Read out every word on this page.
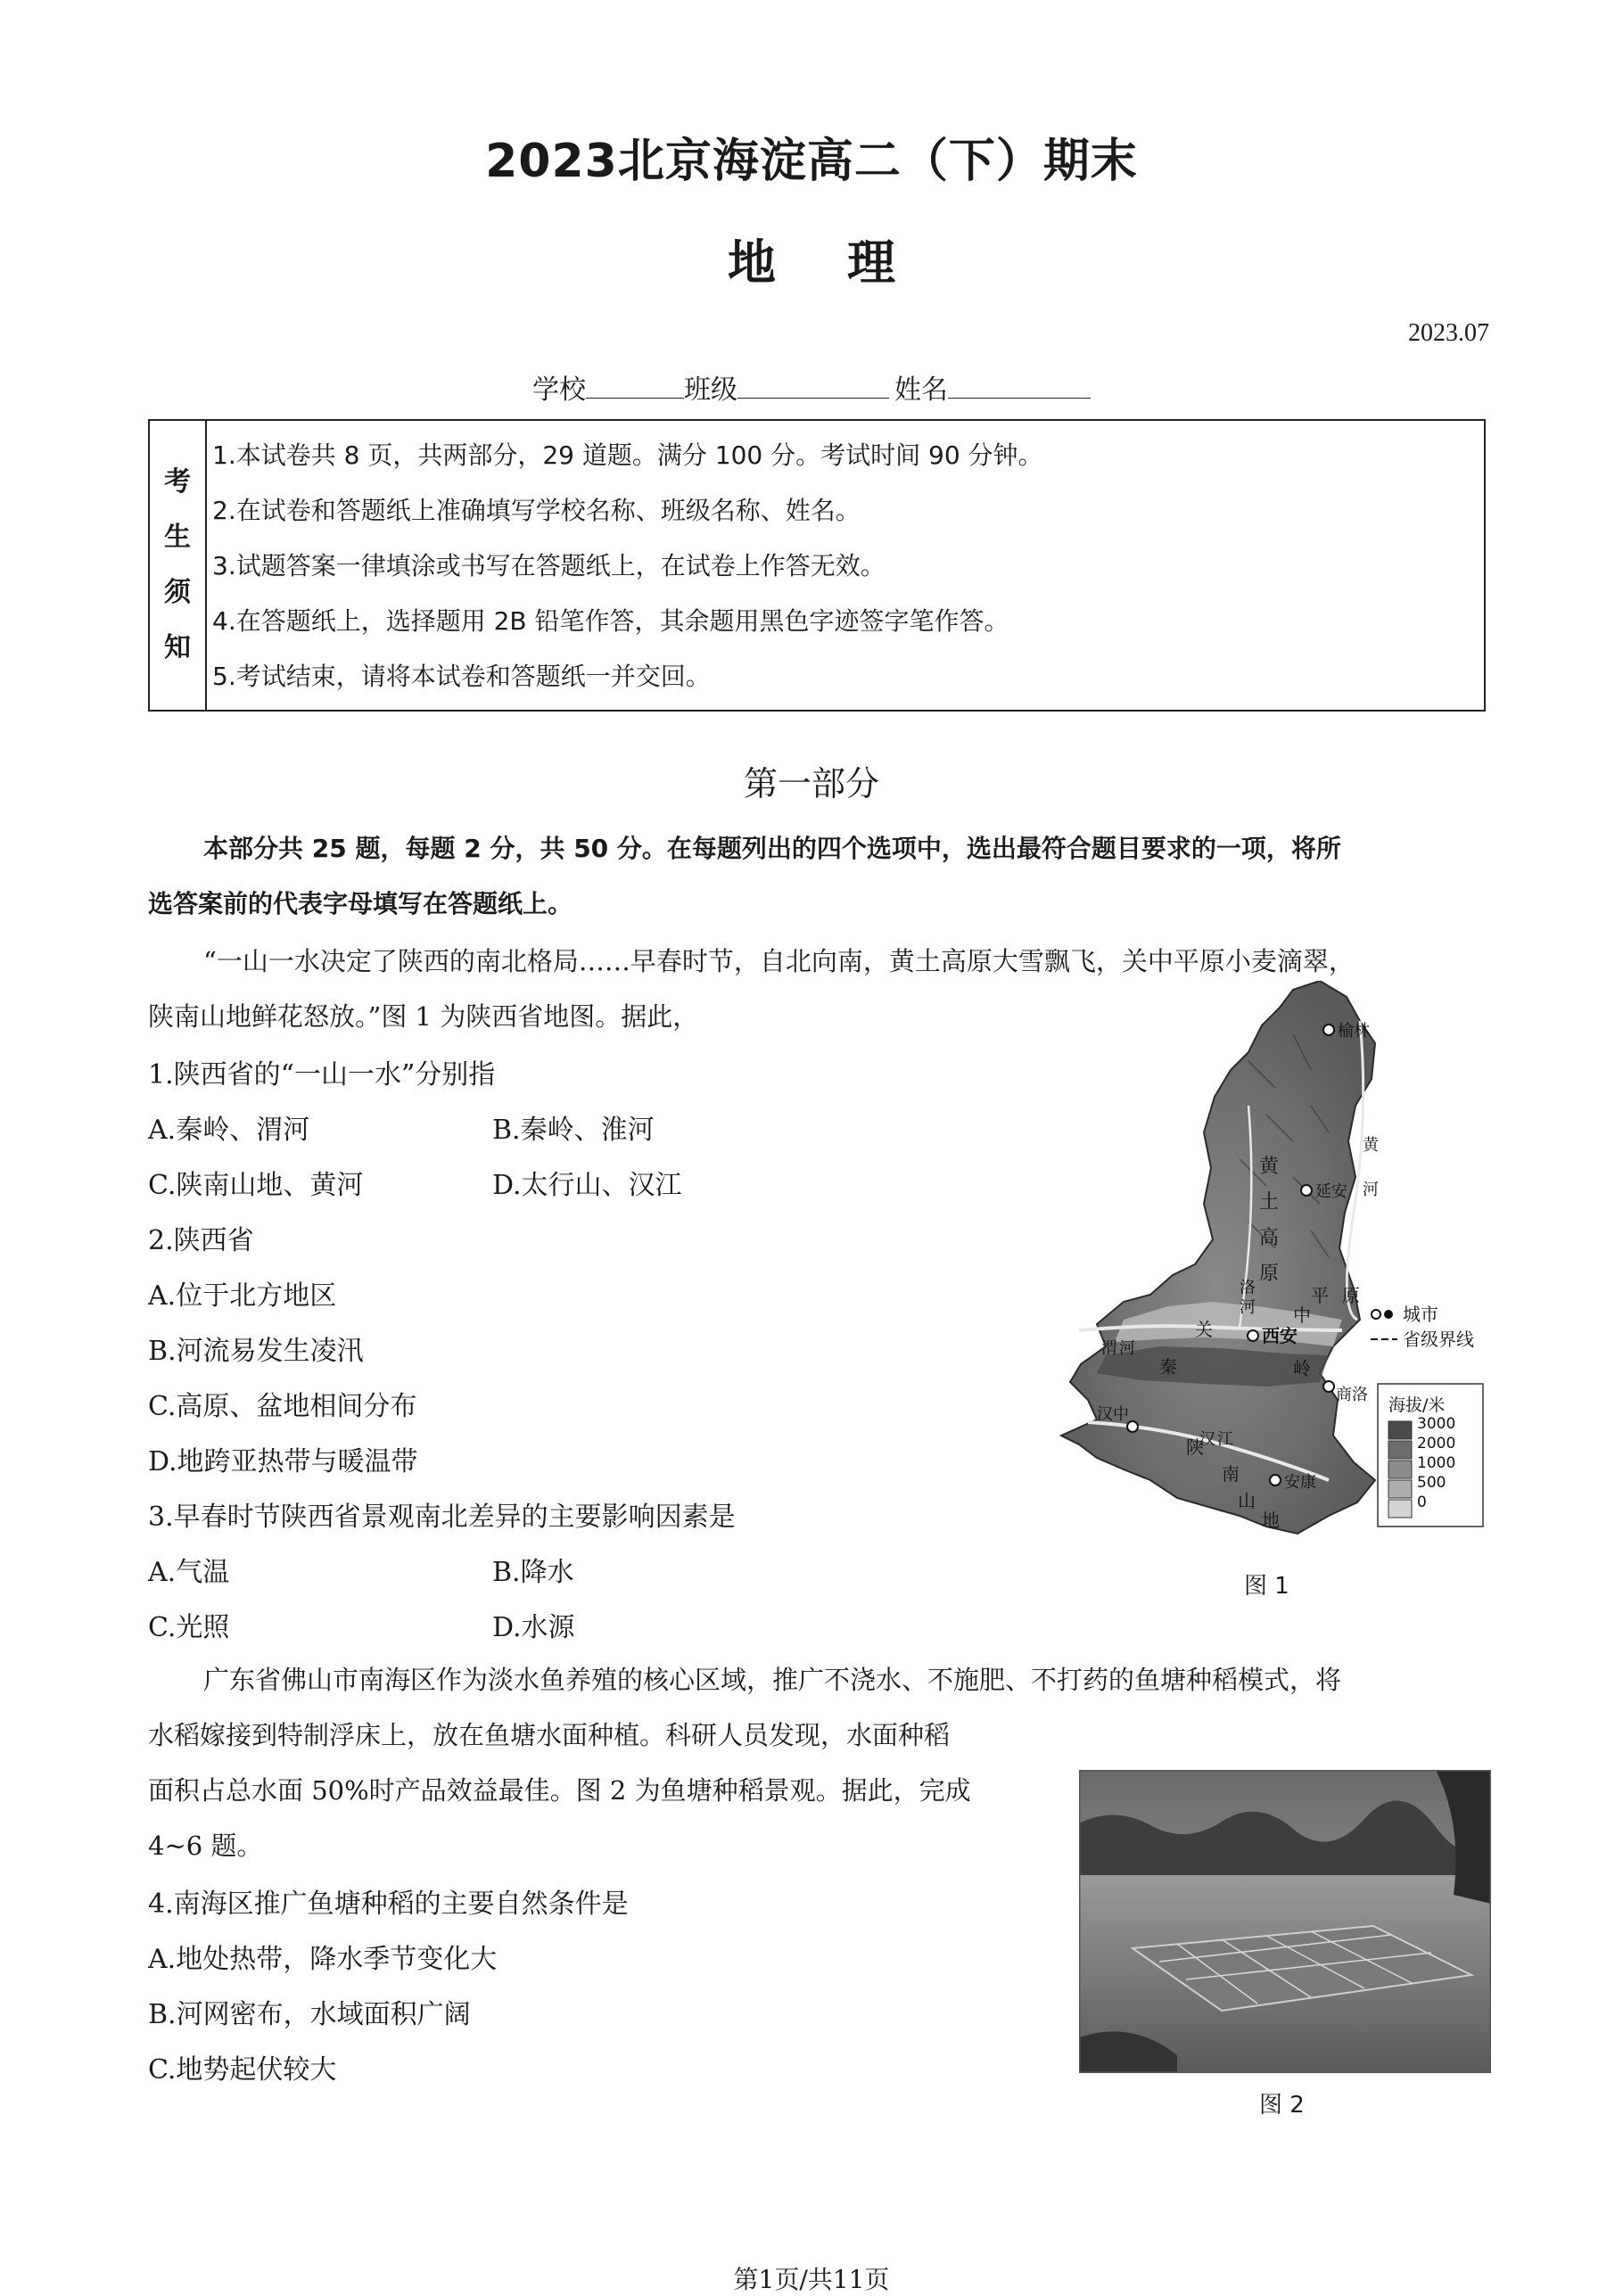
2023北京海淀高二（下）期末
地理
2023.07
学校	班级	姓名
考
生
须
知

1.本试卷共 8 页，共两部分，29 道题。满分 100 分。考试时间 90 分钟。
2.在试卷和答题纸上准确填写学校名称、班级名称、姓名。
3.试题答案一律填涂或书写在答题纸上，在试卷上作答无效。
4.在答题纸上，选择题用 2B 铅笔作答，其余题用黑色字迹签字笔作答。
5.考试结束，请将本试卷和答题纸一并交回。
第一部分
本部分共 25 题，每题 2 分，共 50 分。在每题列出的四个选项中，选出最符合题目要求的一项，将所
选答案前的代表字母填写在答题纸上。
“一山一水决定了陕西的南北格局……早春时节，自北向南，黄土高原大雪飘飞，关中平原小麦滴翠，
陕南山地鲜花怒放。”图 1 为陕西省地图。据此，
1.陕西省的“一山一水”分别指
A.秦岭、渭河	B.秦岭、淮河
C.陕南山地、黄河	D.太行山、汉江
2.陕西省
A.位于北方地区
B.河流易发生凌汛
C.高原、盆地相间分布
D.地跨亚热带与暖温带
3.早春时节陕西省景观南北差异的主要影响因素是
A.气温	B.降水
C.光照	D.水源
广东省佛山市南海区作为淡水鱼养殖的核心区域，推广不浇水、不施肥、不打药的鱼塘种稻模式，将
水稻嫁接到特制浮床上，放在鱼塘水面种植。科研人员发现，水面种稻
面积占总水面 50%时产品效益最佳。图 2 为鱼塘种稻景观。据此，完成
4~6 题。
4.南海区推广鱼塘种稻的主要自然条件是
A.地处热带，降水季节变化大
B.河网密布，水域面积广阔
C.地势起伏较大
榆林
延安
西安
汉中
安康
商洛
黄
土
高
原
关
中
平 原
秦	岭
陕
南
山
地
渭 河
汉 江
黄
河
洛
河	城市
省级界线
海拔/米
3000
2000
1000
500
0
图 1
图 2
第1页/共11页
